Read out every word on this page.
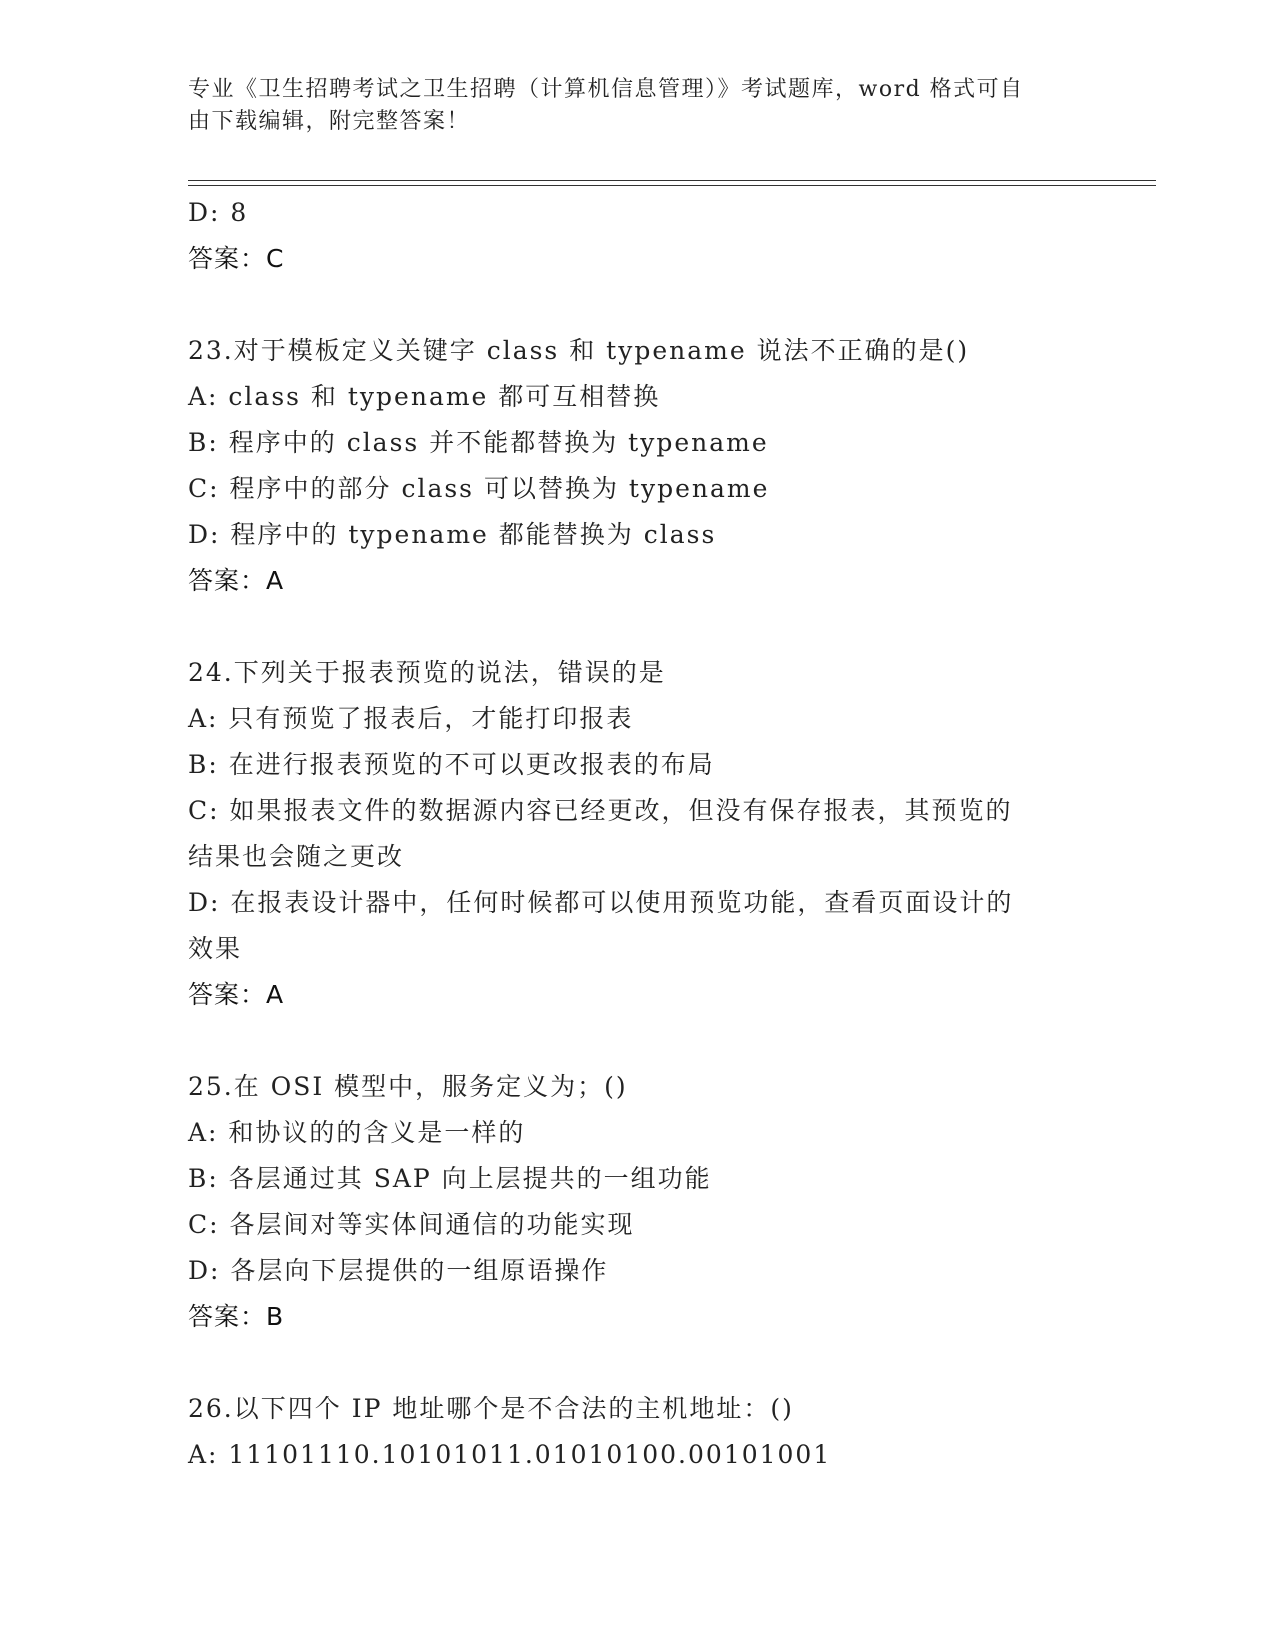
专业《卫生招聘考试之卫生招聘（计算机信息管理）》考试题库，word 格式可自
由下载编辑，附完整答案！
D: 8
答案：C
23.对于模板定义关键字 class 和 typename 说法不正确的是()
A: class 和 typename 都可互相替换
B: 程序中的 class 并不能都替换为 typename
C: 程序中的部分 class 可以替换为 typename
D: 程序中的 typename 都能替换为 class
答案：A
24.下列关于报表预览的说法，错误的是
A: 只有预览了报表后，才能打印报表
B: 在进行报表预览的不可以更改报表的布局
C: 如果报表文件的数据源内容已经更改，但没有保存报表，其预览的
结果也会随之更改
D: 在报表设计器中，任何时候都可以使用预览功能，查看页面设计的
效果
答案：A
25.在 OSI 模型中，服务定义为；()
A: 和协议的的含义是一样的
B: 各层通过其 SAP 向上层提共的一组功能
C: 各层间对等实体间通信的功能实现
D: 各层向下层提供的一组原语操作
答案：B
26.以下四个 IP 地址哪个是不合法的主机地址：()
A: 11101110.10101011.01010100.00101001
